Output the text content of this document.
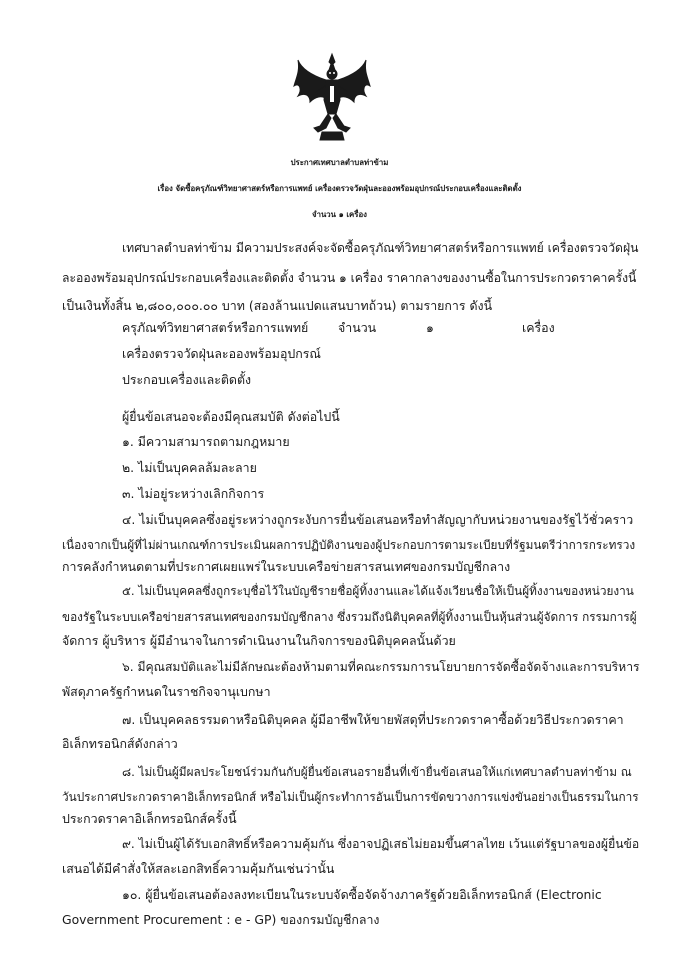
ประกาศเทศบาลตำบลท่าข้าม
เรื่อง จัดซื้อครุภัณฑ์วิทยาศาสตร์หรือการแพทย์ เครื่องตรวจวัดฝุ่นละอองพร้อมอุปกรณ์ประกอบเครื่องและติดตั้ง
จำนวน ๑ เครื่อง
เทศบาลตำบลท่าข้าม มีความประสงค์จะจัดซื้อครุภัณฑ์วิทยาศาสตร์หรือการแพทย์ เครื่องตรวจวัดฝุ่น
ละอองพร้อมอุปกรณ์ประกอบเครื่องและติดตั้ง จำนวน ๑ เครื่อง ราคากลางของงานซื้อในการประกวดราคาครั้งนี้
เป็นเงินทั้งสิ้น ๒,๘๐๐,๐๐๐.๐๐ บาท (สองล้านแปดแสนบาทถ้วน) ตามรายการ ดังนี้
ครุภัณฑ์วิทยาศาสตร์หรือการแพทย์ จำนวน	๑	เครื่อง
เครื่องตรวจวัดฝุ่นละอองพร้อมอุปกรณ์
ประกอบเครื่องและติดตั้ง
ผู้ยื่นข้อเสนอจะต้องมีคุณสมบัติ ดังต่อไปนี้
๑. มีความสามารถตามกฎหมาย
๒. ไม่เป็นบุคคลล้มละลาย
๓. ไม่อยู่ระหว่างเลิกกิจการ
๔. ไม่เป็นบุคคลซึ่งอยู่ระหว่างถูกระงับการยื่นข้อเสนอหรือทำสัญญากับหน่วยงานของรัฐไว้ชั่วคราว
เนื่องจากเป็นผู้ที่ไม่ผ่านเกณฑ์การประเมินผลการปฏิบัติงานของผู้ประกอบการตามระเบียบที่รัฐมนตรีว่าการกระทรวง
การคลังกำหนดตามที่ประกาศเผยแพร่ในระบบเครือข่ายสารสนเทศของกรมบัญชีกลาง
๕. ไม่เป็นบุคคลซึ่งถูกระบุชื่อไว้ในบัญชีรายชื่อผู้ทิ้งงานและได้แจ้งเวียนชื่อให้เป็นผู้ทิ้งงานของหน่วยงาน
ของรัฐในระบบเครือข่ายสารสนเทศของกรมบัญชีกลาง ซึ่งรวมถึงนิติบุคคลที่ผู้ทิ้งงานเป็นหุ้นส่วนผู้จัดการ กรรมการผู้
จัดการ ผู้บริหาร ผู้มีอำนาจในการดำเนินงานในกิจการของนิติบุคคลนั้นด้วย
๖. มีคุณสมบัติและไม่มีลักษณะต้องห้ามตามที่คณะกรรมการนโยบายการจัดซื้อจัดจ้างและการบริหาร
พัสดุภาครัฐกำหนดในราชกิจจานุเบกษา
๗. เป็นบุคคลธรรมดาหรือนิติบุคคล ผู้มีอาชีพให้ขายพัสดุที่ประกวดราคาซื้อด้วยวิธีประกวดราคา
อิเล็กทรอนิกส์ดังกล่าว
๘. ไม่เป็นผู้มีผลประโยชน์ร่วมกันกับผู้ยื่นข้อเสนอรายอื่นที่เข้ายื่นข้อเสนอให้แก่เทศบาลตำบลท่าข้าม ณ
วันประกาศประกวดราคาอิเล็กทรอนิกส์ หรือไม่เป็นผู้กระทำการอันเป็นการขัดขวางการแข่งขันอย่างเป็นธรรมในการ
ประกวดราคาอิเล็กทรอนิกส์ครั้งนี้
๙. ไม่เป็นผู้ได้รับเอกสิทธิ์หรือความคุ้มกัน ซึ่งอาจปฏิเสธไม่ยอมขึ้นศาลไทย เว้นแต่รัฐบาลของผู้ยื่นข้อ
เสนอได้มีคำสั่งให้สละเอกสิทธิ์ความคุ้มกันเช่นว่านั้น
๑๐. ผู้ยื่นข้อเสนอต้องลงทะเบียนในระบบจัดซื้อจัดจ้างภาครัฐด้วยอิเล็กทรอนิกส์ (Electronic
Government Procurement : e - GP) ของกรมบัญชีกลาง
